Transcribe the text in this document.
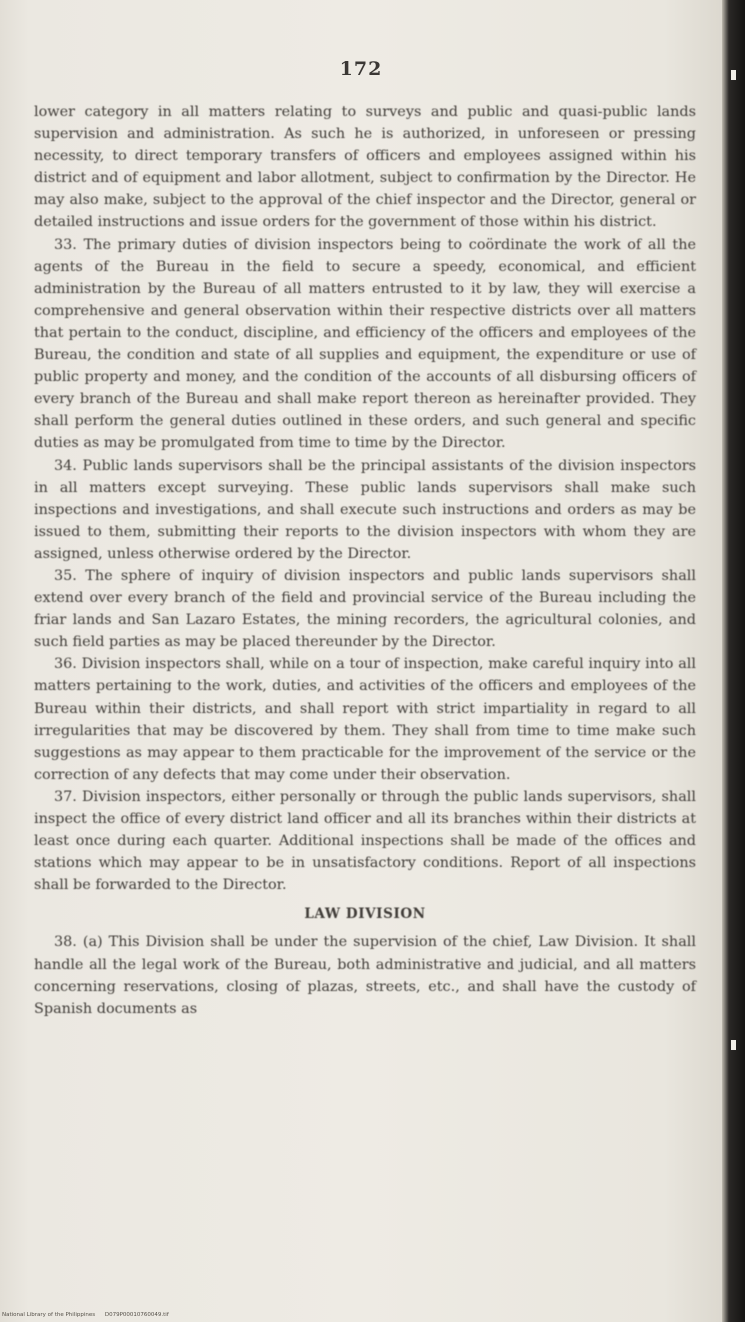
172

lower category in all matters relating to surveys and public and quasi-public lands supervision and administration. As such he is authorized, in unforeseen or pressing necessity, to direct temporary transfers of officers and employees assigned within his district and of equipment and labor allotment, subject to confirmation by the Director. He may also make, subject to the approval of the chief inspector and the Director, general or detailed instructions and issue orders for the government of those within his district.

33. The primary duties of division inspectors being to coördinate the work of all the agents of the Bureau in the field to secure a speedy, economical, and efficient administration by the Bureau of all matters entrusted to it by law, they will exercise a comprehensive and general observation within their respective districts over all matters that pertain to the conduct, discipline, and efficiency of the officers and employees of the Bureau, the condition and state of all supplies and equipment, the expenditure or use of public property and money, and the condition of the accounts of all disbursing officers of every branch of the Bureau and shall make report thereon as hereinafter provided. They shall perform the general duties outlined in these orders, and such general and specific duties as may be promulgated from time to time by the Director.

34. Public lands supervisors shall be the principal assistants of the division inspectors in all matters except surveying. These public lands supervisors shall make such inspections and investigations, and shall execute such instructions and orders as may be issued to them, submitting their reports to the division inspectors with whom they are assigned, unless otherwise ordered by the Director.

35. The sphere of inquiry of division inspectors and public lands supervisors shall extend over every branch of the field and provincial service of the Bureau including the friar lands and San Lazaro Estates, the mining recorders, the agricultural colonies, and such field parties as may be placed thereunder by the Director.

36. Division inspectors shall, while on a tour of inspection, make careful inquiry into all matters pertaining to the work, duties, and activities of the officers and employees of the Bureau within their districts, and shall report with strict impartiality in regard to all irregularities that may be discovered by them. They shall from time to time make such suggestions as may appear to them practicable for the improvement of the service or the correction of any defects that may come under their observation.

37. Division inspectors, either personally or through the public lands supervisors, shall inspect the office of every district land officer and all its branches within their districts at least once during each quarter. Additional inspections shall be made of the offices and stations which may appear to be in unsatisfactory conditions. Report of all inspections shall be forwarded to the Director.

LAW DIVISION

38. (a) This Division shall be under the supervision of the chief, Law Division. It shall handle all the legal work of the Bureau, both administrative and judicial, and all matters concerning reservations, closing of plazas, streets, etc., and shall have the custody of Spanish documents as

National Library of the Philippines D079P00010760049.tif
